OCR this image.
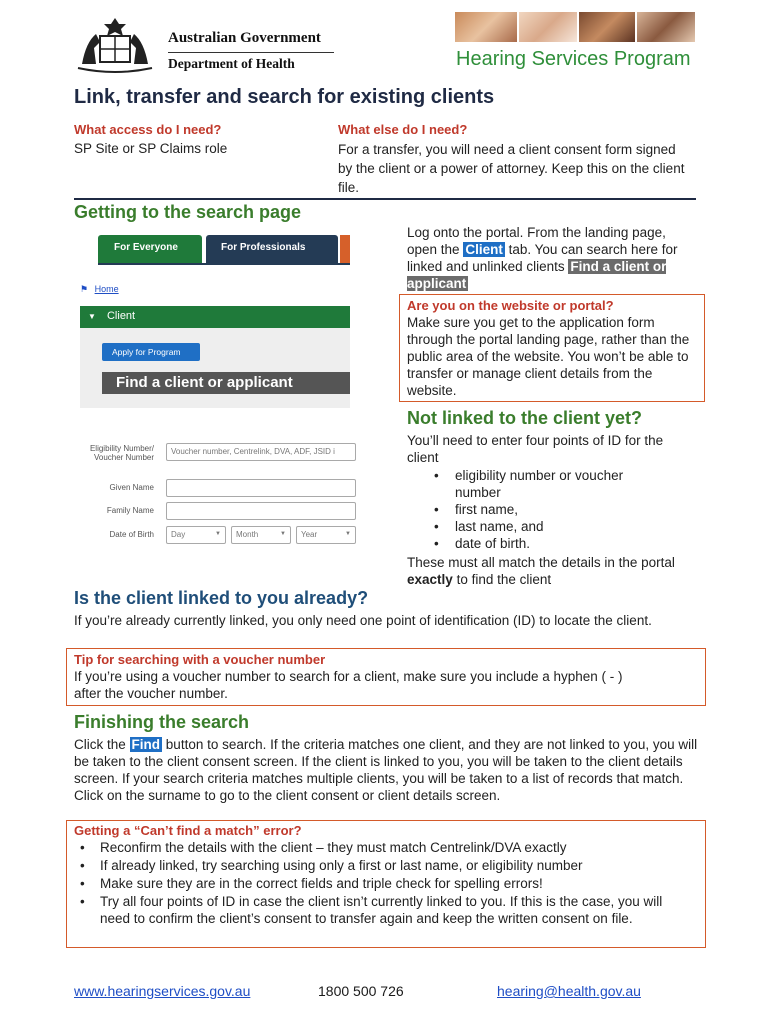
Australian Government
Department of Health	Hearing Services Program
Link, transfer and search for existing clients
What access do I need?
SP Site or SP Claims role
What else do I need?
For a transfer, you will need a client consent form signed by the client or a power of attorney. Keep this on the client file.
Getting to the search page
For Everyone	For Professionals
⚑ Home
▼ Client
Apply for Program
Find a client or applicant
Log onto the portal. From the landing page, open the Client tab. You can search here for linked and unlinked clients Find a client or applicant
Are you on the website or portal?
Make sure you get to the application form through the portal landing page, rather than the public area of the website. You won’t be able to transfer or manage client details from the website.
Eligibility Number/ Voucher Number
Voucher number, Centrelink, DVA, ADF, JSID i
Given Name
Family Name
Date of Birth	Day	▼	Month	▼	Year	▼
Not linked to the client yet?
You’ll need to enter four points of ID for the client
• eligibility number or voucher number
• first name,
• last name, and
• date of birth.
These must all match the details in the portal exactly to find the client
Is the client linked to you already?
If you’re already currently linked, you only need one point of identification (ID) to locate the client.
Tip for searching with a voucher number
If you’re using a voucher number to search for a client, make sure you include a hyphen ( - ) after the voucher number.
Finishing the search
Click the Find button to search. If the criteria matches one client, and they are not linked to you, you will be taken to the client consent screen. If the client is linked to you, you will be taken to the client details screen. If your search criteria matches multiple clients, you will be taken to a list of records that match. Click on the surname to go to the client consent or client details screen.
Getting a “Can’t find a match” error?
• Reconfirm the details with the client – they must match Centrelink/DVA exactly
• If already linked, try searching using only a first or last name, or eligibility number
• Make sure they are in the correct fields and triple check for spelling errors!
• Try all four points of ID in case the client isn’t currently linked to you. If this is the case, you will need to confirm the client’s consent to transfer again and keep the written consent on file.
www.hearingservices.gov.au	1800 500 726	hearing@health.gov.au
